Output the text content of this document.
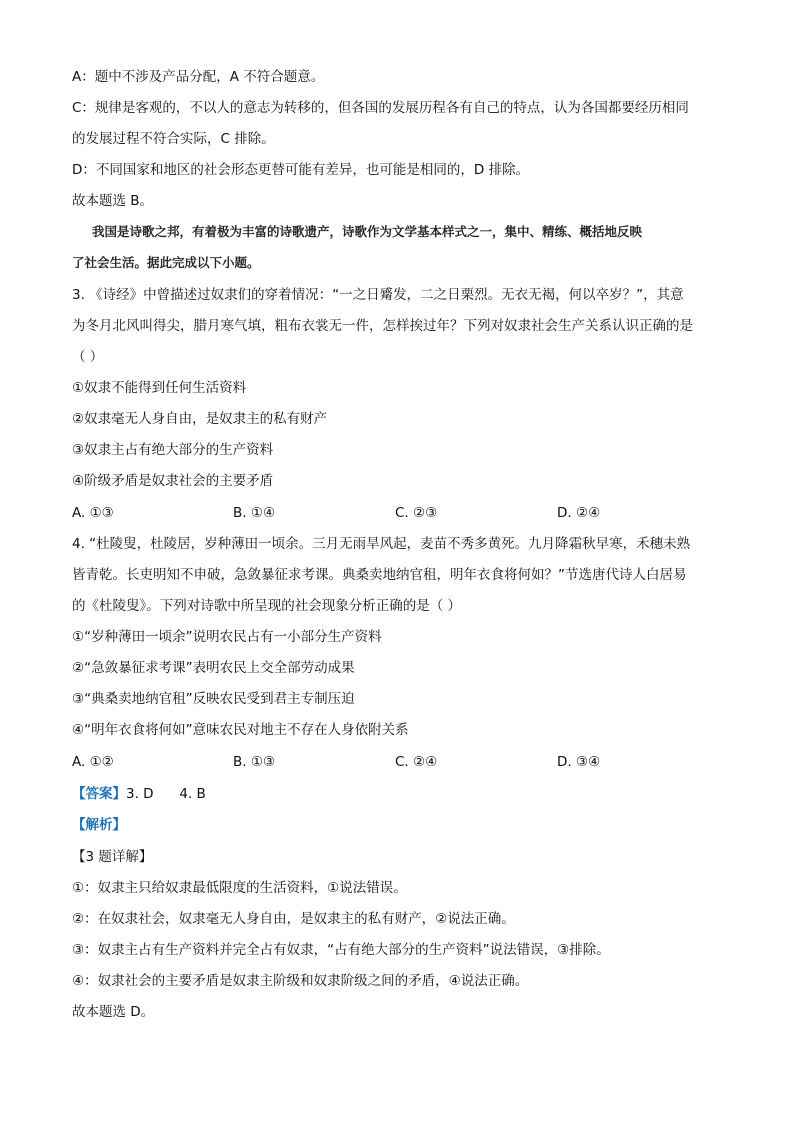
A：题中不涉及产品分配，A 不符合题意。
C：规律是客观的，不以人的意志为转移的，但各国的发展历程各有自己的特点，认为各国都要经历相同
的发展过程不符合实际，C 排除。
D：不同国家和地区的社会形态更替可能有差异，也可能是相同的，D 排除。
故本题选 B。
我国是诗歌之邦，有着极为丰富的诗歌遗产，诗歌作为文学基本样式之一，集中、精练、概括地反映
了社会生活。据此完成以下小题。
3. 《诗经》中曾描述过奴隶们的穿着情况：“一之日觱发，二之日栗烈。无衣无褐，何以卒岁？”，其意
为冬月北风叫得尖，腊月寒气填，粗布衣裳无一件，怎样挨过年？下列对奴隶社会生产关系认识正确的是
（ ）
①奴隶不能得到任何生活资料
②奴隶毫无人身自由，是奴隶主的私有财产
③奴隶主占有绝大部分的生产资料
④阶级矛盾是奴隶社会的主要矛盾
A. ①③	B. ①④	C. ②③	D. ②④
4. “杜陵叟，杜陵居，岁种薄田一顷余。三月无雨旱风起，麦苗不秀多黄死。九月降霜秋早寒，禾穗未熟
皆青乾。长吏明知不申破，急敛暴征求考课。典桑卖地纳官租，明年衣食将何如？”节选唐代诗人白居易
的《杜陵叟》。下列对诗歌中所呈现的社会现象分析正确的是（ ）
①“岁种薄田一顷余”说明农民占有一小部分生产资料
②“急敛暴征求考课”表明农民上交全部劳动成果
③“典桑卖地纳官租”反映农民受到君主专制压迫
④“明年衣食将何如”意味农民对地主不存在人身依附关系
A. ①②	B. ①③	C. ②④	D. ③④
【答案】3. D      4. B
【解析】
【3 题详解】
①：奴隶主只给奴隶最低限度的生活资料，①说法错误。
②：在奴隶社会，奴隶毫无人身自由，是奴隶主的私有财产，②说法正确。
③：奴隶主占有生产资料并完全占有奴隶，“占有绝大部分的生产资料”说法错误，③排除。
④：奴隶社会的主要矛盾是奴隶主阶级和奴隶阶级之间的矛盾，④说法正确。
故本题选 D。
